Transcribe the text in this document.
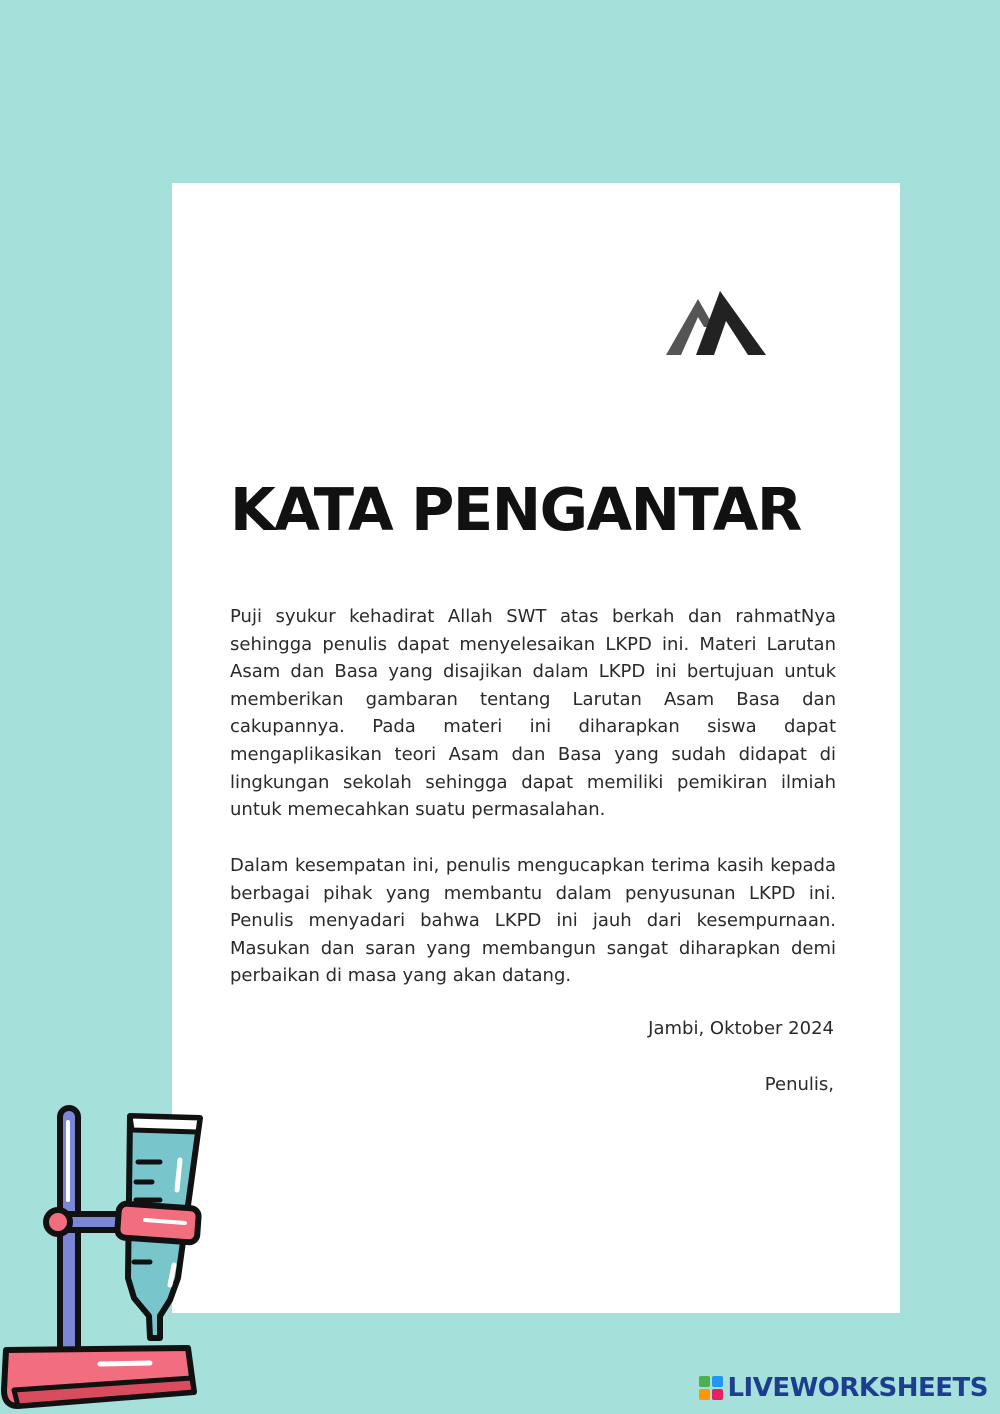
KATA PENGANTAR

Puji syukur kehadirat Allah SWT atas berkah dan rahmatNya sehingga penulis dapat menyelesaikan LKPD ini. Materi Larutan Asam dan Basa yang disajikan dalam LKPD ini bertujuan untuk memberikan gambaran tentang Larutan Asam Basa dan cakupannya. Pada materi ini diharapkan siswa dapat mengaplikasikan teori Asam dan Basa yang sudah didapat di lingkungan sekolah sehingga dapat memiliki pemikiran ilmiah untuk memecahkan suatu permasalahan.

Dalam kesempatan ini, penulis mengucapkan terima kasih kepada berbagai pihak yang membantu dalam penyusunan LKPD ini. Penulis menyadari bahwa LKPD ini jauh dari kesempurnaan. Masukan dan saran yang membangun sangat diharapkan demi perbaikan di masa yang akan datang.

Jambi, Oktober 2024

Penulis,

LIVEWORKSHEETS
